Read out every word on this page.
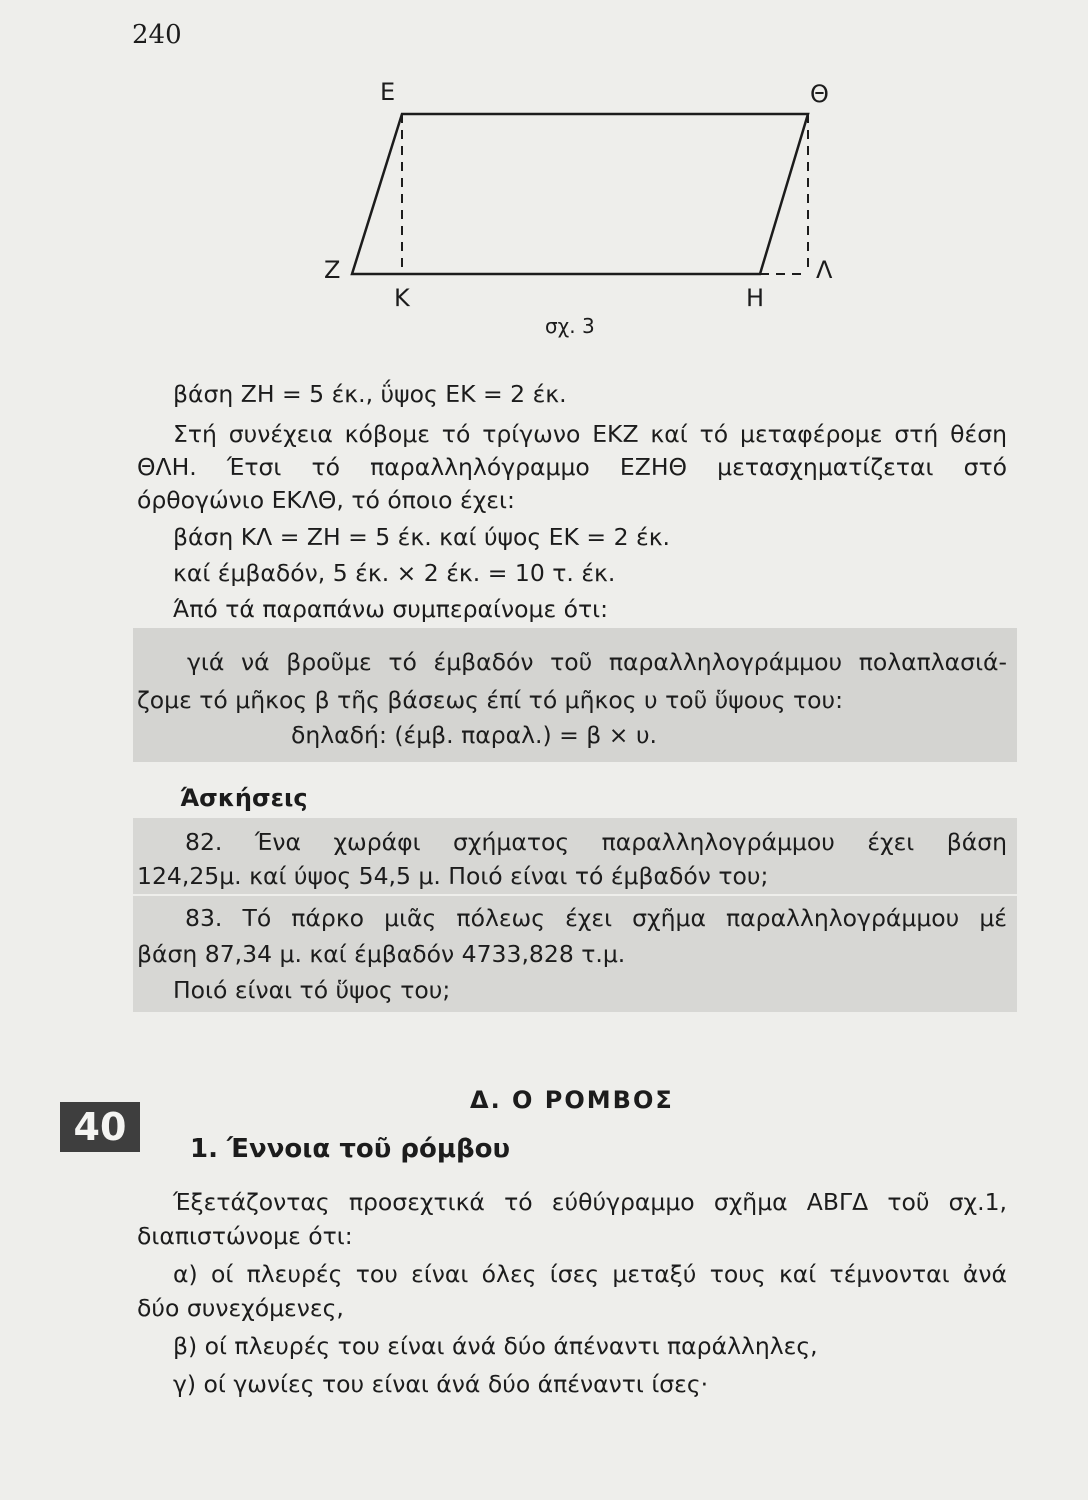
240
Ε	Θ
Ζ
Κ	Η
Λ
σχ. 3
βάση ΖΗ = 5 έκ., ΰψος ΕΚ = 2 έκ.
Στή συνέχεια κόβομε τό τρίγωνο ΕΚΖ καί τό μεταφέρομε στή θέση
ΘΛΗ. Έτσι τό παραλληλόγραμμο ΕΖΗΘ μετασχηματίζεται στό
όρθογώνιο ΕΚΛΘ, τό όποιο έχει:
βάση ΚΛ = ΖΗ = 5 έκ. καί ύψος ΕΚ = 2 έκ.
καί έμβαδόν, 5 έκ. × 2 έκ. = 10 τ. έκ.
Άπό τά παραπάνω συμπεραίνομε ότι:
γιά νά βροῦμε τό έμβαδόν τοῦ παραλληλογράμμου πολαπλασιά-
ζομε τό μῆκος β τῆς βάσεως έπί τό μῆκος υ τοῦ ὕψους του:
δηλαδή: (έμβ. παραλ.) = β × υ.
Άσκήσεις
82. Ένα χωράφι σχήματος παραλληλογράμμου έχει βάση
124,25μ. καί ύψος 54,5 μ. Ποιό είναι τό έμβαδόν του;
83. Τό πάρκο μιᾶς πόλεως έχει σχῆμα παραλληλογράμμου μέ
βάση 87,34 μ. καί έμβαδόν 4733,828 τ.μ.
Ποιό είναι τό ὕψος του;
40
Δ. Ο ΡΟΜΒΟΣ
1. Έννοια τοῦ ρόμβου
Έξετάζοντας προσεχτικά τό εύθύγραμμο σχῆμα ΑΒΓΔ τοῦ σχ.1,
διαπιστώνομε ότι:
α) οί πλευρές του είναι όλες ίσες μεταξύ τους καί τέμνονται ἀνά
δύο συνεχόμενες,
β) οί πλευρές του είναι άνά δύο άπέναντι παράλληλες,
γ) οί γωνίες του είναι άνά δύο άπέναντι ίσες·
